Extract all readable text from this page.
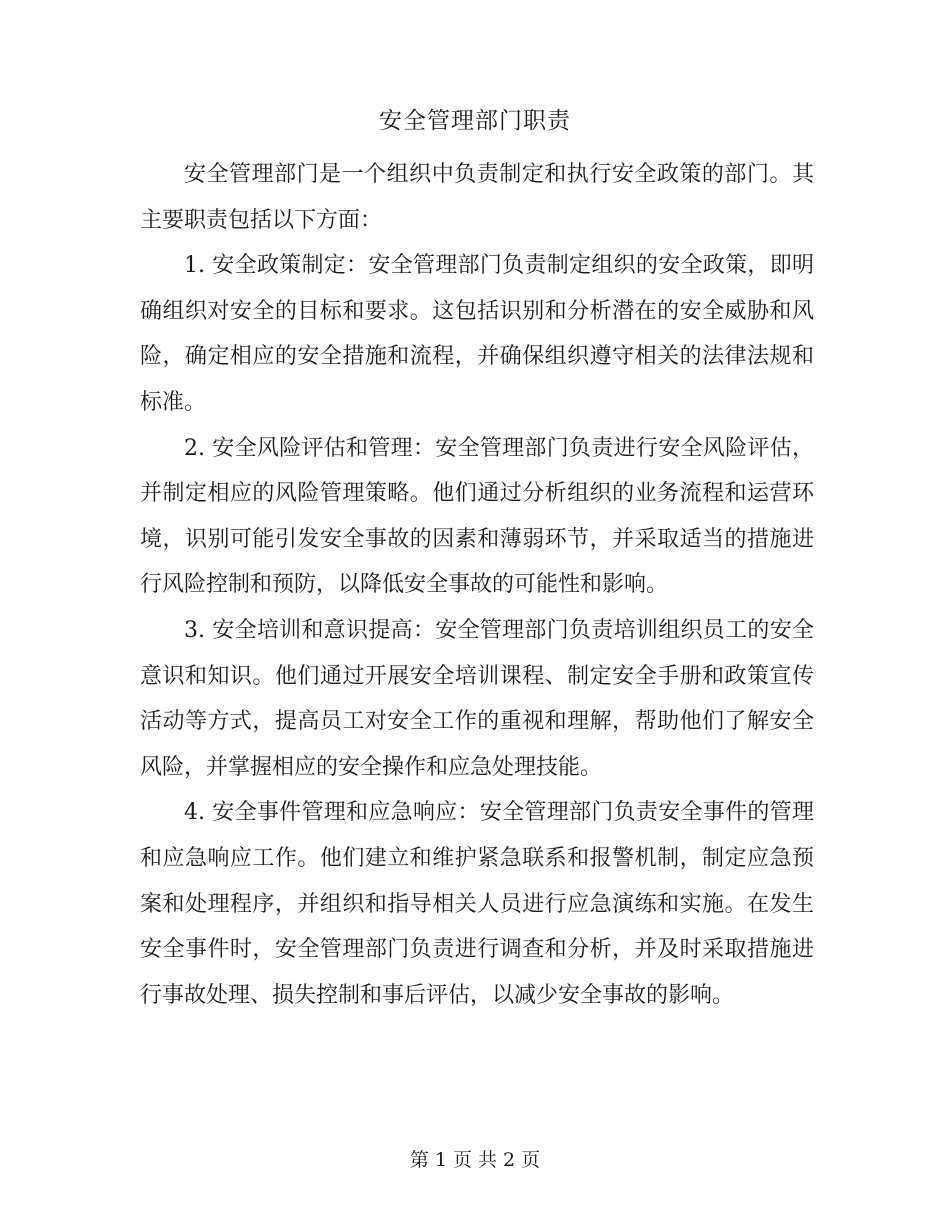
安全管理部门职责

安全管理部门是一个组织中负责制定和执行安全政策的部门。其主要职责包括以下方面：

1. 安全政策制定：安全管理部门负责制定组织的安全政策，即明确组织对安全的目标和要求。这包括识别和分析潜在的安全威胁和风险，确定相应的安全措施和流程，并确保组织遵守相关的法律法规和标准。

2. 安全风险评估和管理：安全管理部门负责进行安全风险评估，并制定相应的风险管理策略。他们通过分析组织的业务流程和运营环境，识别可能引发安全事故的因素和薄弱环节，并采取适当的措施进行风险控制和预防，以降低安全事故的可能性和影响。

3. 安全培训和意识提高：安全管理部门负责培训组织员工的安全意识和知识。他们通过开展安全培训课程、制定安全手册和政策宣传活动等方式，提高员工对安全工作的重视和理解，帮助他们了解安全风险，并掌握相应的安全操作和应急处理技能。

4. 安全事件管理和应急响应：安全管理部门负责安全事件的管理和应急响应工作。他们建立和维护紧急联系和报警机制，制定应急预案和处理程序，并组织和指导相关人员进行应急演练和实施。在发生安全事件时，安全管理部门负责进行调查和分析，并及时采取措施进行事故处理、损失控制和事后评估，以减少安全事故的影响。

第 1 页 共 2 页
